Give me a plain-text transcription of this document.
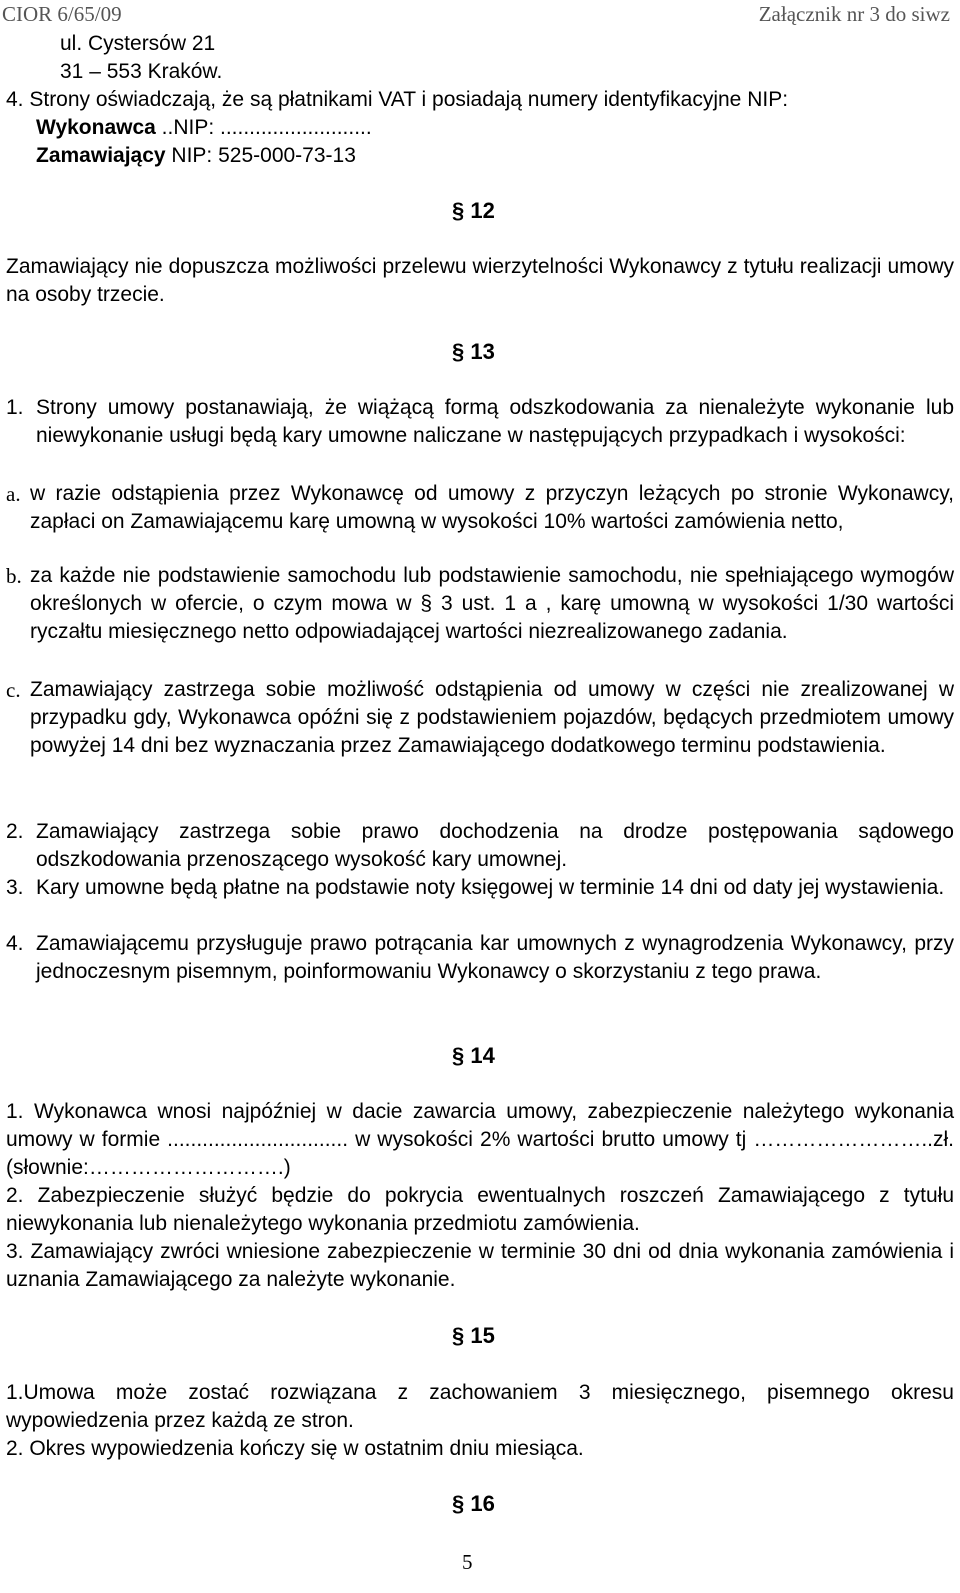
CIOR 6/65/09	Załącznik nr 3 do siwz
ul. Cystersów 21
31 – 553 Kraków.
4. Strony oświadczają, że są płatnikami VAT i posiadają numery identyfikacyjne NIP:
Wykonawca ..NIP: ..........................
Zamawiający NIP: 525-000-73-13
§ 12
Zamawiający nie dopuszcza możliwości przelewu wierzytelności Wykonawcy z tytułu realizacji umowy na osoby trzecie.
§ 13
1. Strony umowy postanawiają, że wiążącą formą odszkodowania za nienależyte wykonanie lub niewykonanie usługi będą kary umowne naliczane w następujących przypadkach i wysokości:
a. w razie odstąpienia przez Wykonawcę od umowy z przyczyn leżących po stronie Wykonawcy, zapłaci on Zamawiającemu karę umowną w wysokości 10% wartości zamówienia netto,
b. za każde nie podstawienie samochodu lub podstawienie samochodu, nie spełniającego wymogów określonych w ofercie, o czym mowa w § 3 ust. 1 a , karę umowną w wysokości 1/30 wartości ryczałtu miesięcznego netto odpowiadającej wartości niezrealizowanego zadania.
c. Zamawiający zastrzega sobie możliwość odstąpienia od umowy w części nie zrealizowanej w przypadku gdy, Wykonawca opóźni się z podstawieniem pojazdów, będących przedmiotem umowy powyżej 14 dni bez wyznaczania przez Zamawiającego dodatkowego terminu podstawienia.
2. Zamawiający zastrzega sobie prawo dochodzenia na drodze postępowania sądowego odszkodowania przenoszącego wysokość kary umownej.
3. Kary umowne będą płatne na podstawie noty księgowej w terminie 14 dni od daty jej wystawienia.
4. Zamawiającemu przysługuje prawo potrącania kar umownych z wynagrodzenia Wykonawcy, przy jednoczesnym pisemnym, poinformowaniu Wykonawcy o skorzystaniu z tego prawa.
§ 14
1. Wykonawca wnosi najpóźniej w dacie zawarcia umowy, zabezpieczenie należytego wykonania umowy w formie ............................... w wysokości 2% wartości brutto umowy tj ……………………..zł. (słownie:……………………….)
2. Zabezpieczenie służyć będzie do pokrycia ewentualnych roszczeń Zamawiającego z tytułu niewykonania lub nienależytego wykonania przedmiotu zamówienia.
3. Zamawiający zwróci wniesione zabezpieczenie w terminie 30 dni od dnia wykonania zamówienia i uznania Zamawiającego za należyte wykonanie.
§ 15
1.Umowa może zostać rozwiązana z zachowaniem 3 miesięcznego, pisemnego okresu wypowiedzenia przez każdą ze stron.
2. Okres wypowiedzenia kończy się w ostatnim dniu miesiąca.
§ 16
5
